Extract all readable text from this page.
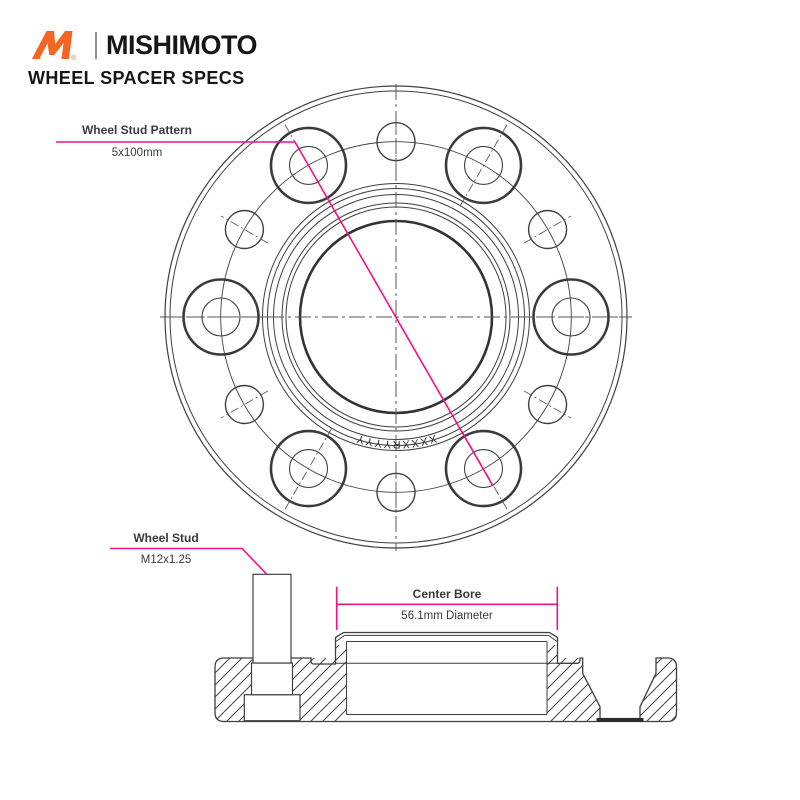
® MISHIMOTO
WHEEL SPACER SPECS
XXXXRYYYY
Wheel Stud Pattern
5x100mm
Wheel Stud
M12x1.25
Center Bore
56.1mm Diameter
